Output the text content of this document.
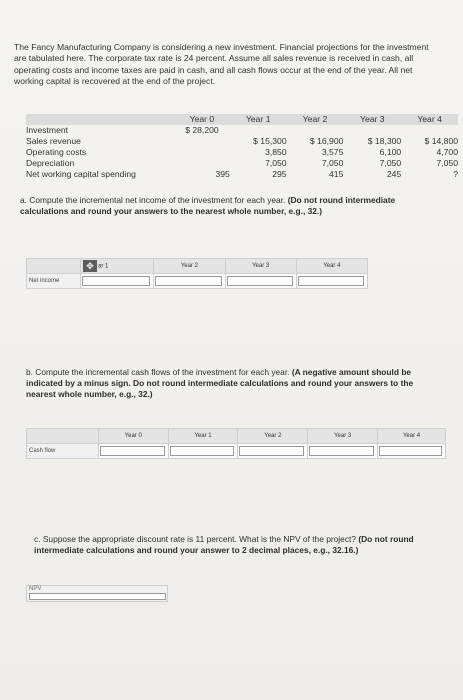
The Fancy Manufacturing Company is considering a new investment. Financial projections for the investment are tabulated here. The corporate tax rate is 24 percent. Assume all sales revenue is received in cash, all operating costs and income taxes are paid in cash, and all cash flows occur at the end of the year. All net working capital is recovered at the end of the project.
	Year 0	Year 1	Year 2	Year 3	Year 4
Investment	$ 28,200				
Sales revenue		$ 15,300	$ 16,900	$ 18,300	$ 14,800
Operating costs		3,850	3,575	6,100	4,700
Depreciation		7,050	7,050	7,050	7,050
Net working capital spending	395	295	415	245	?
a. Compute the incremental net income of the investment for each year. (Do not round intermediate calculations and round your answers to the nearest whole number, e.g., 32.)
	✥ ar 1	Year 2	Year 3	Year 4
Net income	

b. Compute the incremental cash flows of the investment for each year. (A negative amount should be indicated by a minus sign. Do not round intermediate calculations and round your answers to the nearest whole number, e.g., 32.)
	Year 0	Year 1	Year 2	Year 3	Year 4
Cash flow	

c. Suppose the appropriate discount rate is 11 percent. What is the NPV of the project? (Do not round intermediate calculations and round your answer to 2 decimal places, e.g., 32.16.)
NPV
